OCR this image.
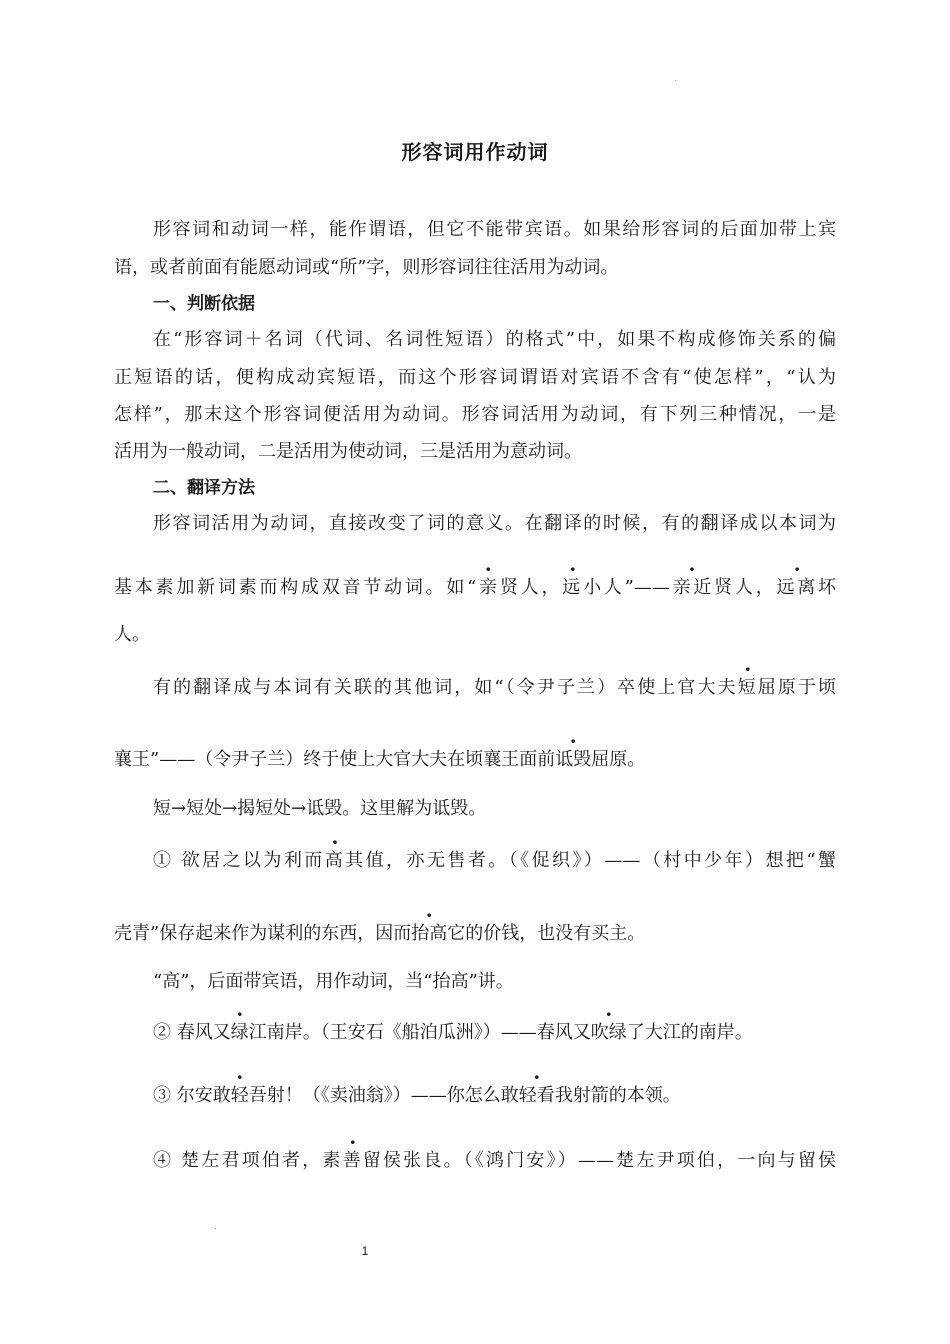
形容词用作动词
形容词和动词一样，能作谓语，但它不能带宾语。如果给形容词的后面加带上宾
语，或者前面有能愿动词或“所”字，则形容词往往活用为动词。
一、判断依据
在“形容词＋名词（代词、名词性短语）的格式”中，如果不构成修饰关系的偏
正短语的话，便构成动宾短语，而这个形容词谓语对宾语不含有“使怎样”，“认为
怎样”，那末这个形容词便活用为动词。形容词活用为动词，有下列三种情况，一是
活用为一般动词，二是活用为使动词，三是活用为意动词。
二、翻译方法
形容词活用为动词，直接改变了词的意义。在翻译的时候，有的翻译成以本词为
基本素加新词素而构成双音节动词。如“亲贤人，远小人”——亲近贤人，远离坏
人。
有的翻译成与本词有关联的其他词，如“（令尹子兰）卒使上官大夫短屈原于顷
襄王”——（令尹子兰）终于使上大官大夫在顷襄王面前诋毁屈原。
短→短处→揭短处→诋毁。这里解为诋毁。
① 欲居之以为利而高其值，亦无售者。（《促织》）——（村中少年）想把“蟹
壳青”保存起来作为谋利的东西，因而抬高它的价钱，也没有买主。
“高”，后面带宾语，用作动词，当“抬高”讲。
② 春风又绿江南岸。（王安石《船泊瓜洲》）——春风又吹绿了大江的南岸。
③ 尔安敢轻吾射！（《卖油翁》）——你怎么敢轻看我射箭的本领。
④ 楚左君项伯者，素善留侯张良。（《鸿门安》）——楚左尹项伯，一向与留侯
1
